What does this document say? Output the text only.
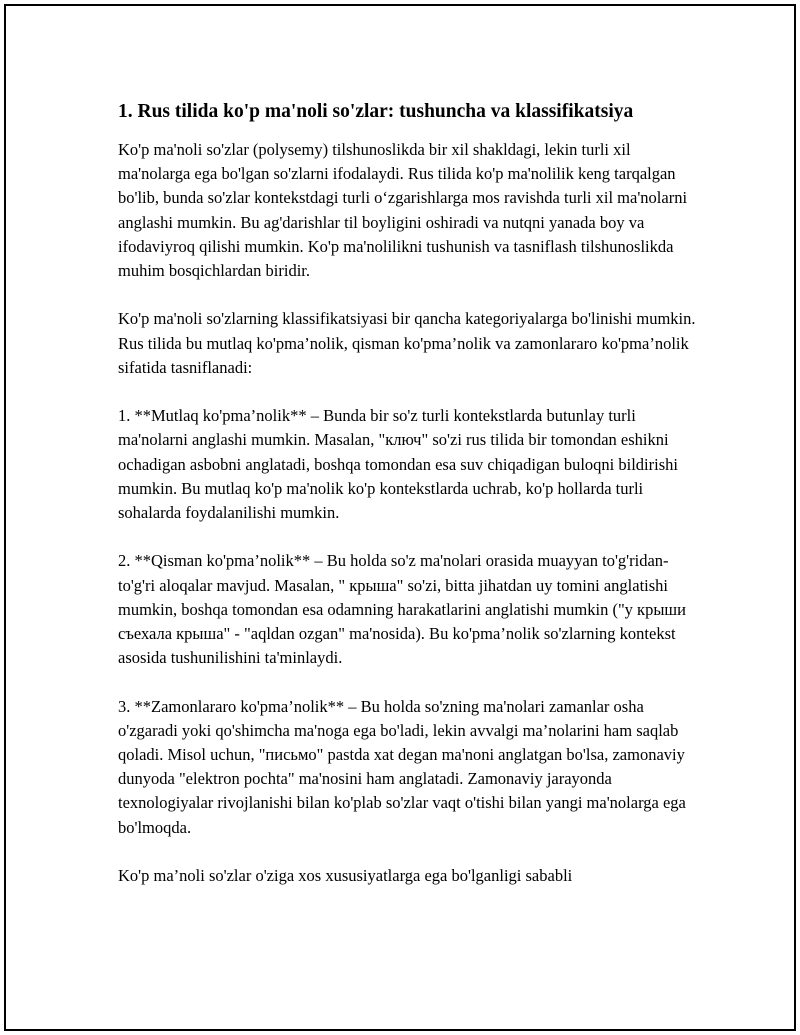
1. Rus tilida ko'p ma'noli so'zlar: tushuncha va klassifikatsiya

Ko'p ma'noli so'zlar (polysemy) tilshunoslikda bir xil shakldagi, lekin turli xil ma'nolarga ega bo'lgan so'zlarni ifodalaydi. Rus tilida ko'p ma'nolilik keng tarqalgan bo'lib, bunda so'zlar kontekstdagi turli o‘zgarishlarga mos ravishda turli xil ma'nolarni anglashi mumkin. Bu ag'darishlar til boyligini oshiradi va nutqni yanada boy va ifodaviyroq qilishi mumkin. Ko'p ma'nolilikni tushunish va tasniflash tilshunoslikda muhim bosqichlardan biridir.

Ko'p ma'noli so'zlarning klassifikatsiyasi bir qancha kategoriyalarga bo'linishi mumkin. Rus tilida bu mutlaq ko'pma’nolik, qisman ko'pma’nolik va zamonlararo ko'pma’nolik sifatida tasniflanadi:

1. **Mutlaq ko'pma’nolik** – Bunda bir so'z turli kontekstlarda butunlay turli ma'nolarni anglashi mumkin. Masalan, "ключ" so'zi rus tilida bir tomondan eshikni ochadigan asbobni anglatadi, boshqa tomondan esa suv chiqadigan buloqni bildirishi mumkin. Bu mutlaq ko'p ma'nolik ko'p kontekstlarda uchrab, ko'p hollarda turli sohalarda foydalanilishi mumkin.

2. **Qisman ko'pma’nolik** – Bu holda so'z ma'nolari orasida muayyan to'g'ridan-to'g'ri aloqalar mavjud. Masalan, " крыша" so'zi, bitta jihatdan uy tomini anglatishi mumkin, boshqa tomondan esa odamning harakatlarini anglatishi mumkin ("у крыши съехала крыша" - "aqldan ozgan" ma'nosida). Bu ko'pma’nolik so'zlarning kontekst asosida tushunilishini ta'minlaydi.

3. **Zamonlararo ko'pma’nolik** – Bu holda so'zning ma'nolari zamanlar osha o'zgaradi yoki qo'shimcha ma'noga ega bo'ladi, lekin avvalgi ma’nolarini ham saqlab qoladi. Misol uchun, "письмо" pastda xat degan ma'noni anglatgan bo'lsa, zamonaviy dunyoda "elektron pochta" ma'nosini ham anglatadi. Zamonaviy jarayonda texnologiyalar rivojlanishi bilan ko'plab so'zlar vaqt o'tishi bilan yangi ma'nolarga ega bo'lmoqda.

Ko'p ma’noli so'zlar o'ziga xos xususiyatlarga ega bo'lganligi sababli
